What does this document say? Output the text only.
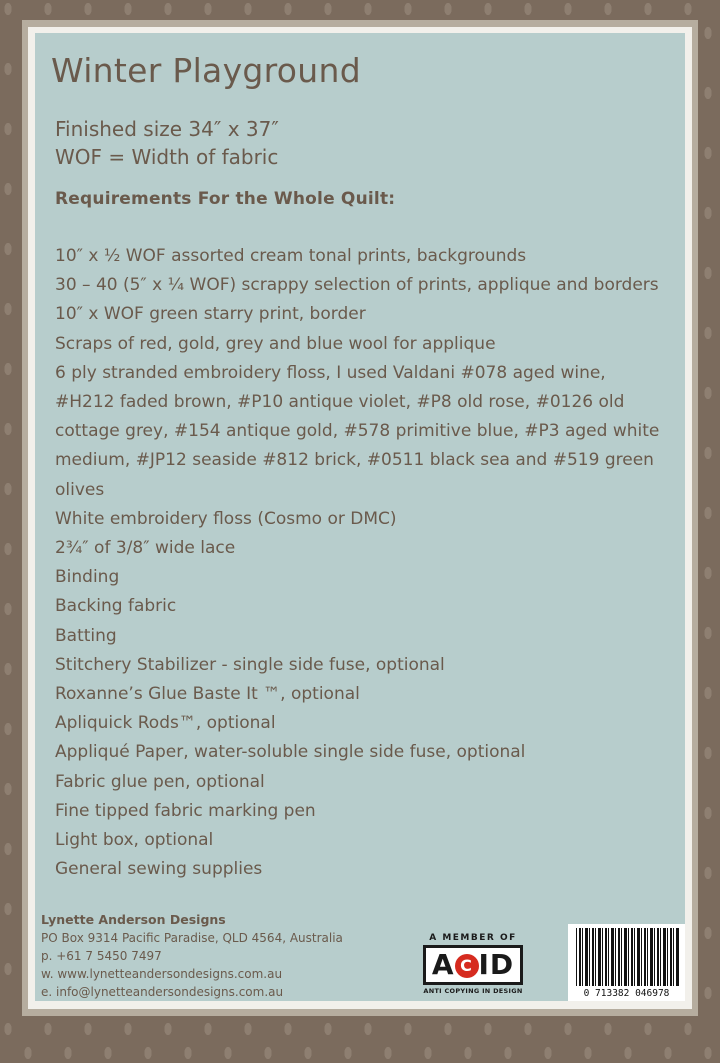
Winter Playground
Finished size 34″ x 37″
WOF = Width of fabric
Requirements For the Whole Quilt:
10″ x ½ WOF assorted cream tonal prints, backgrounds
30 – 40 (5″ x ¼ WOF) scrappy selection of prints, applique and borders
10″ x WOF green starry print, border
Scraps of red, gold, grey and blue wool for applique
6 ply stranded embroidery floss, I used Valdani #078 aged wine,
#H212 faded brown, #P10 antique violet, #P8 old rose, #0126 old
cottage grey, #154 antique gold, #578 primitive blue, #P3 aged white
medium, #JP12 seaside #812 brick, #0511 black sea and #519 green
olives
White embroidery floss (Cosmo or DMC)
2¾″ of 3/8″ wide lace
Binding
Backing fabric
Batting
Stitchery Stabilizer - single side fuse, optional
Roxanne’s Glue Baste It ™, optional
Apliquick Rods™, optional
Appliqué Paper, water-soluble single side fuse, optional
Fabric glue pen, optional
Fine tipped fabric marking pen
Light box, optional
General sewing supplies
Lynette Anderson Designs
PO Box 9314 Pacific Paradise, QLD 4564, Australia
p. +61 7 5450 7497
w. www.lynetteandersondesigns.com.au
e. info@lynetteandersondesigns.com.au
A MEMBER OF
A C ID
ANTI COPYING IN DESIGN	0 713382 046978
